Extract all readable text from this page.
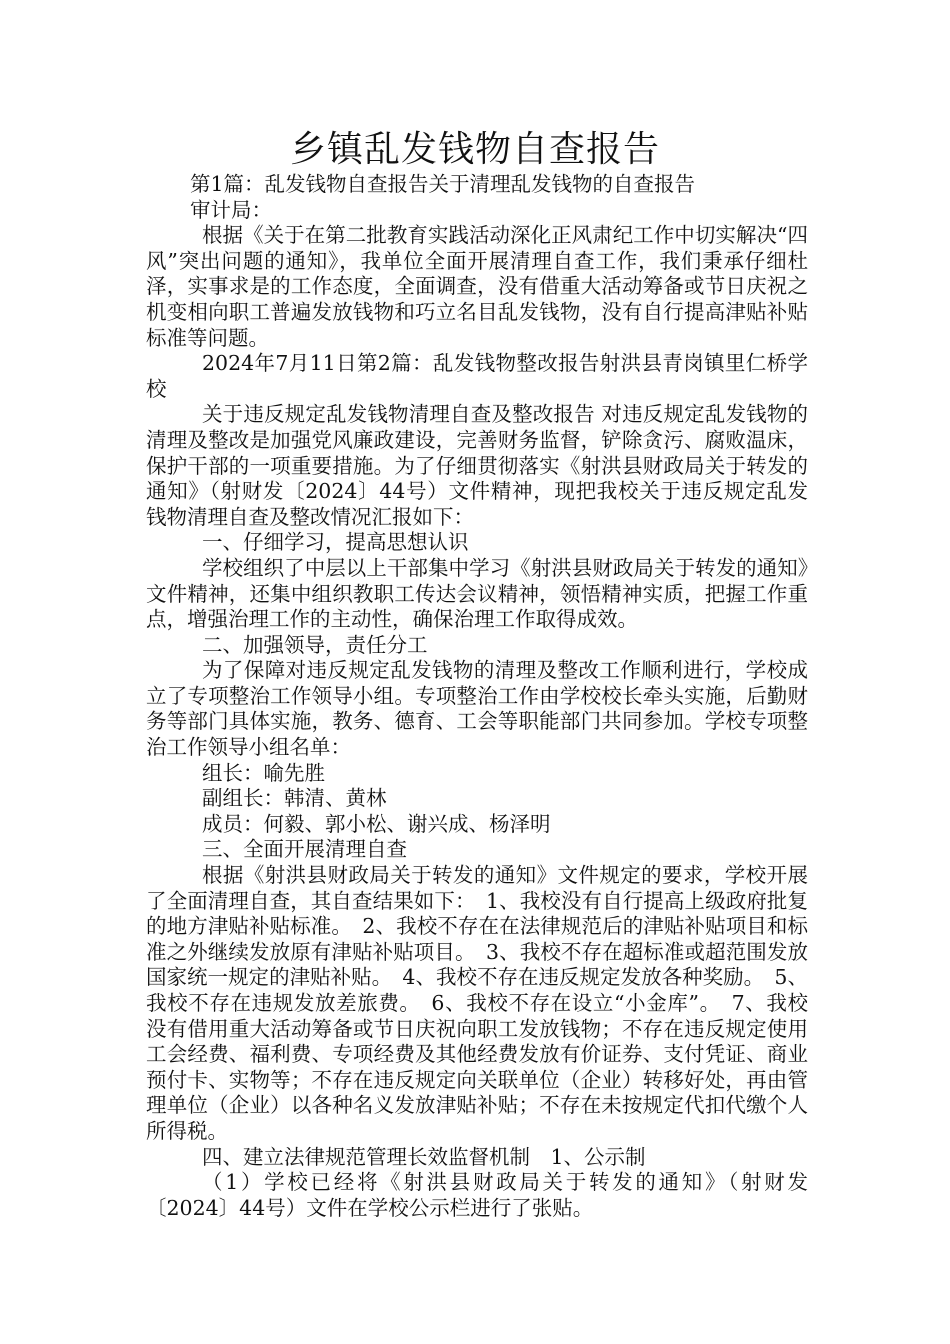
乡镇乱发钱物自查报告

第1篇：乱发钱物自查报告关于清理乱发钱物的自查报告

审计局：

根据《关于在第二批教育实践活动深化正风肃纪工作中切实解决“四风”突出问题的通知》，我单位全面开展清理自查工作，我们秉承仔细杜泽，实事求是的工作态度，全面调查，没有借重大活动筹备或节日庆祝之机变相向职工普遍发放钱物和巧立名目乱发钱物，没有自行提高津贴补贴标准等问题。

2024年7月11日第2篇：乱发钱物整改报告射洪县青岗镇里仁桥学校

关于违反规定乱发钱物清理自查及整改报告 对违反规定乱发钱物的清理及整改是加强党风廉政建设，完善财务监督，铲除贪污、腐败温床，保护干部的一项重要措施。为了仔细贯彻落实《射洪县财政局关于转发的通知》（射财发〔2024〕44号）文件精神，现把我校关于违反规定乱发钱物清理自查及整改情况汇报如下：

一、仔细学习，提高思想认识

学校组织了中层以上干部集中学习《射洪县财政局关于转发的通知》文件精神，还集中组织教职工传达会议精神，领悟精神实质，把握工作重点，增强治理工作的主动性，确保治理工作取得成效。

二、加强领导，责任分工

为了保障对违反规定乱发钱物的清理及整改工作顺利进行，学校成立了专项整治工作领导小组。专项整治工作由学校校长牵头实施，后勤财务等部门具体实施，教务、德育、工会等职能部门共同参加。学校专项整治工作领导小组名单：

组长：喻先胜

副组长：韩清、黄林

成员：何毅、郭小松、谢兴成、杨泽明

三、全面开展清理自查

根据《射洪县财政局关于转发的通知》文件规定的要求，学校开展了全面清理自查，其自查结果如下：　1、我校没有自行提高上级政府批复的地方津贴补贴标准。　2、我校不存在在法律规范后的津贴补贴项目和标准之外继续发放原有津贴补贴项目。　3、我校不存在超标准或超范围发放国家统一规定的津贴补贴。　4、我校不存在违反规定发放各种奖励。　5、我校不存在违规发放差旅费。　6、我校不存在设立“小金库”。　7、我校没有借用重大活动筹备或节日庆祝向职工发放钱物；不存在违反规定使用工会经费、福利费、专项经费及其他经费发放有价证券、支付凭证、商业预付卡、实物等；不存在违反规定向关联单位（企业）转移好处，再由管理单位（企业）以各种名义发放津贴补贴；不存在未按规定代扣代缴个人所得税。

四、建立法律规范管理长效监督机制　1、公示制

（1）学校已经将《射洪县财政局关于转发的通知》（射财发〔2024〕44号）文件在学校公示栏进行了张贴。
